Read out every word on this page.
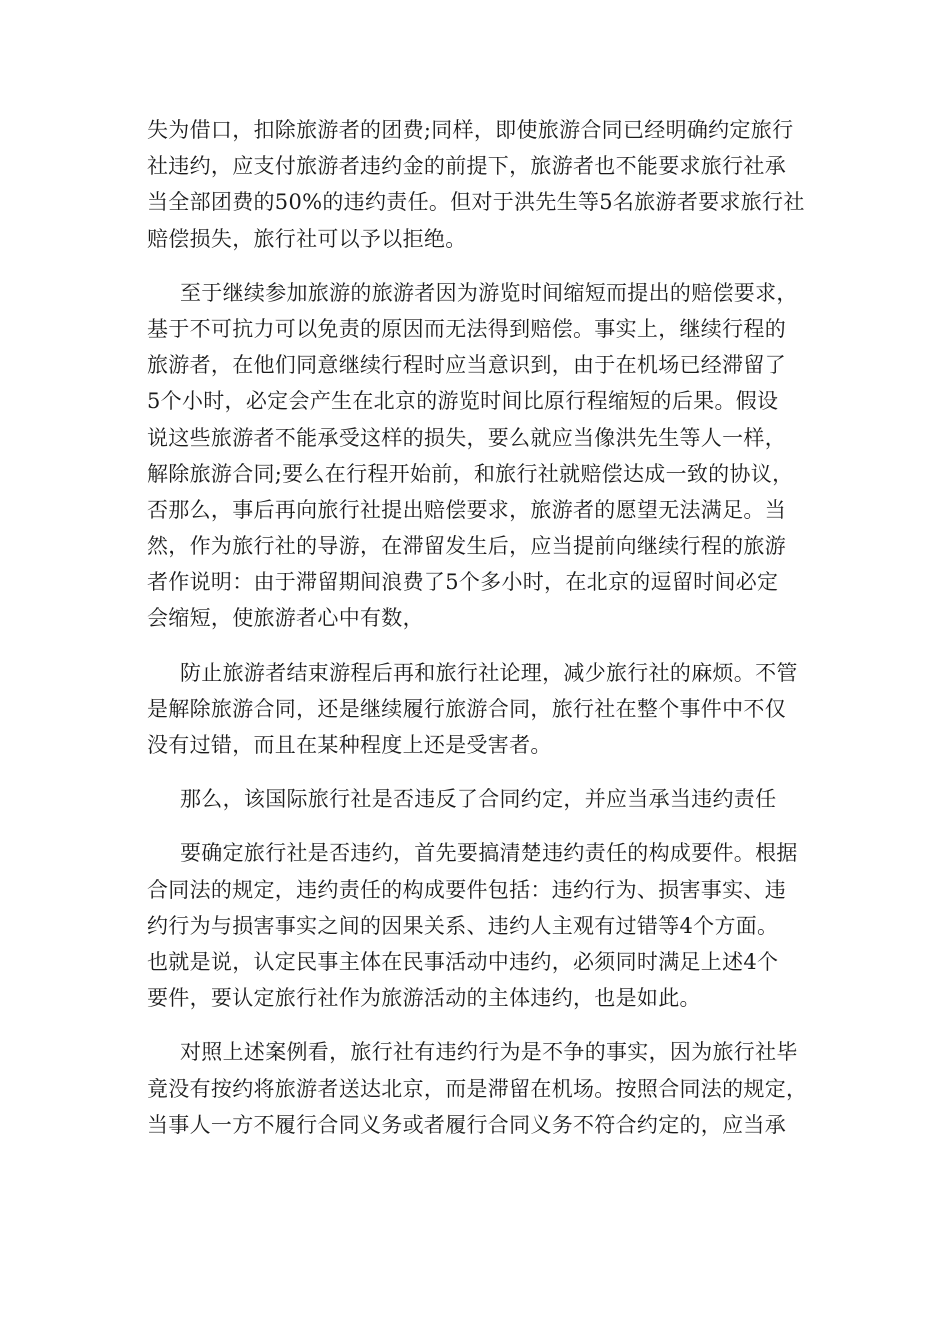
失为借口，扣除旅游者的团费;同样，即使旅游合同已经明确约定旅行
社违约，应支付旅游者违约金的前提下，旅游者也不能要求旅行社承
当全部团费的50%的违约责任。但对于洪先生等5名旅游者要求旅行社
赔偿损失，旅行社可以予以拒绝。
至于继续参加旅游的旅游者因为游览时间缩短而提出的赔偿要求，
基于不可抗力可以免责的原因而无法得到赔偿。事实上，继续行程的
旅游者，在他们同意继续行程时应当意识到，由于在机场已经滞留了
5个小时，必定会产生在北京的游览时间比原行程缩短的后果。假设
说这些旅游者不能承受这样的损失，要么就应当像洪先生等人一样，
解除旅游合同;要么在行程开始前，和旅行社就赔偿达成一致的协议，
否那么，事后再向旅行社提出赔偿要求，旅游者的愿望无法满足。当
然，作为旅行社的导游，在滞留发生后，应当提前向继续行程的旅游
者作说明：由于滞留期间浪费了5个多小时，在北京的逗留时间必定
会缩短，使旅游者心中有数，
防止旅游者结束游程后再和旅行社论理，减少旅行社的麻烦。不管
是解除旅游合同，还是继续履行旅游合同，旅行社在整个事件中不仅
没有过错，而且在某种程度上还是受害者。
那么，该国际旅行社是否违反了合同约定，并应当承当违约责任
要确定旅行社是否违约，首先要搞清楚违约责任的构成要件。根据
合同法的规定，违约责任的构成要件包括：违约行为、损害事实、违
约行为与损害事实之间的因果关系、违约人主观有过错等4个方面。
也就是说，认定民事主体在民事活动中违约，必须同时满足上述4个
要件，要认定旅行社作为旅游活动的主体违约，也是如此。
对照上述案例看，旅行社有违约行为是不争的事实，因为旅行社毕
竟没有按约将旅游者送达北京，而是滞留在机场。按照合同法的规定，
当事人一方不履行合同义务或者履行合同义务不符合约定的，应当承
